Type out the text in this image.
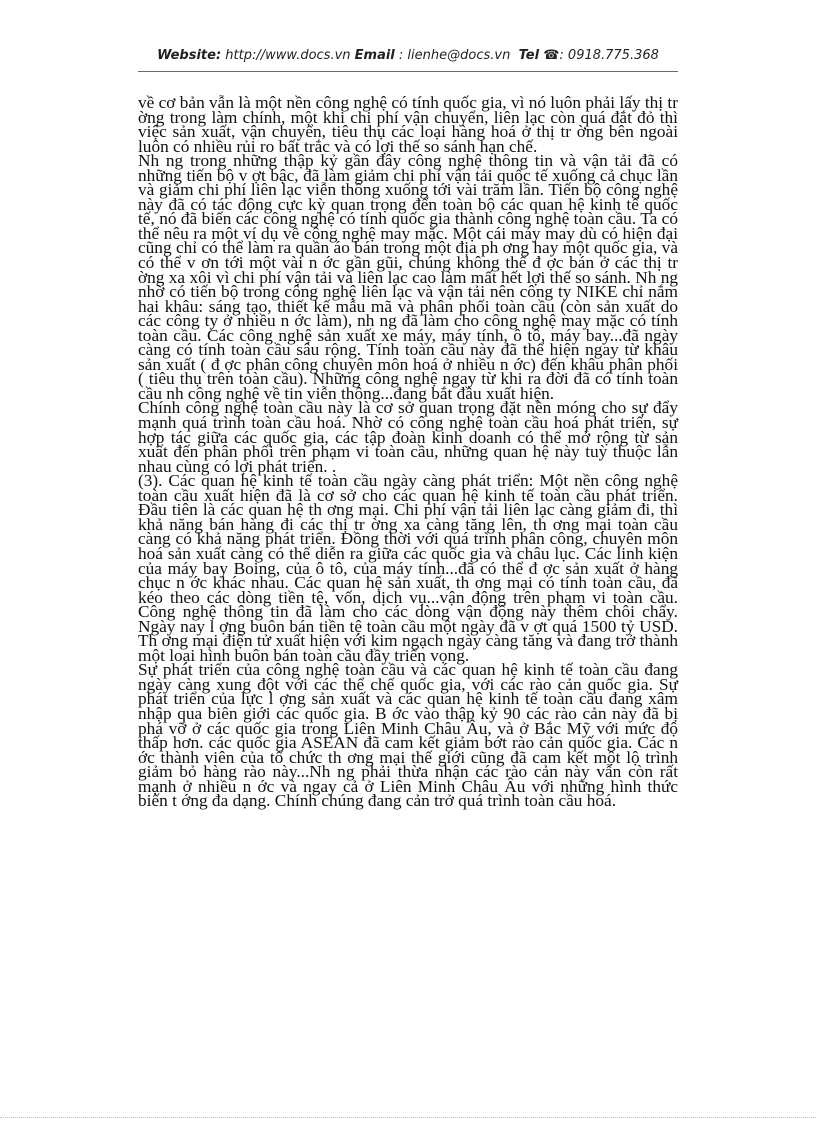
Website: http://www.docs.vn Email : lienhe@docs.vn Tel ☎: 0918.775.368

về cơ bản vẫn là một nền công nghệ có tính quốc gia, vì nó luôn phải lấy thị tr ờng trong làm chính, một khi chi phí vận chuyển, liên lạc còn quá đắt đỏ thì việc sản xuất, vận chuyển, tiêu thụ các loại hàng hoá ở thị tr ờng bên ngoài luôn có nhiều rủi ro bất trắc và có lợi thế so sánh hạn chế.

Nh ng trong những thập kỷ gần đây công nghệ thông tin và vận tải đã có những tiến bộ v ợt bậc, đã làm giảm chi phí vận tải quốc tế xuống cả chục lần và giảm chi phí liên lạc viễn thông xuống tới vài trăm lần. Tiến bộ công nghệ này đã có tác động cực kỳ quan trọng đến toàn bộ các quan hệ kinh tế quốc tế, nó đã biến các công nghệ có tính quốc gia thành công nghệ toàn cầu. Ta có thể nêu ra một ví dụ về công nghệ may mặc. Một cái máy may dù có hiện đại cũng chỉ có thể làm ra quần áo bán trong một địa ph ơng hay một quốc gia, và có thể v ơn tới một vài n ớc gần gũi, chúng không thể đ ợc bán ở các thị tr ờng xa xôi vì chi phí vận tải và liên lạc cao làm mất hết lợi thế so sánh. Nh ng nhờ có tiến bộ trong công nghệ liên lạc và vận tải nên công ty NIKE chỉ nắm hai khâu: sáng tạo, thiết kế mẫu mã và phân phối toàn cầu (còn sản xuất do các công ty ở nhiều n ớc làm), nh ng đã làm cho công nghệ may mặc có tính toàn cầu. Các công nghệ sản xuất xe máy, máy tính, ô tô, máy bay...đã ngày càng có tính toàn cầu sâu rộng. Tính toàn cầu này đã thể hiện ngay từ khâu sản xuất ( đ ợc phân công chuyên môn hoá ở nhiều n ớc) đến khâu phân phối ( tiêu thụ trên toàn cầu). Những công nghệ ngay từ khi ra đời đã có tính toàn cầu nh công nghệ về tin viễn thông...đang bắt đầu xuất hiện.

Chính công nghệ toàn cầu này là cơ sở quan trọng đặt nền móng cho sự đẩy mạnh quá trình toàn cầu hoá. Nhờ có công nghệ toàn cầu hoá phát triển, sự hợp tác giữa các quốc gia, các tập đoàn kinh doanh có thể mở rộng từ sản xuất đến phân phối trên phạm vi toàn cầu, những quan hệ này tuỳ thuộc lẫn nhau cùng có lợi phát triển. .

(3). Các quan hệ kinh tế toàn cầu ngày càng phát triển: Một nền công nghệ toàn cầu xuất hiện đã là cơ sở cho các quan hệ kinh tế toàn cầu phát triển. Đầu tiên là các quan hệ th ơng mại. Chi phí vận tải liên lạc càng giảm đi, thì khả năng bán hàng đi các thị tr ờng xa càng tăng lên, th ơng mại toàn cầu càng có khả năng phát triển. Đồng thời với quá trình phân công, chuyên môn hoá sản xuất càng có thể diễn ra giữa các quốc gia và châu lục. Các linh kiện của máy bay Boing, của ô tô, của máy tính...đã có thể đ ợc sản xuất ở hàng chục n ớc khác nhau. Các quan hệ sản xuất, th ơng mại có tính toàn cầu, đã kéo theo các dòng tiền tệ, vốn, dịch vụ...vận động trên phạm vi toàn cầu. Công nghệ thông tin đã làm cho các dòng vận động này thêm chôi chẩy. Ngày nay l ợng buôn bán tiền tệ toàn cầu một ngày đã v ợt quá 1500 tỷ USD. Th ơng mại điện tử xuất hiện với kim ngạch ngày càng tăng và đang trở thành một loại hình buôn bán toàn cầu đầy triển vọng.

Sự phát triển của công nghệ toàn cầu và các quan hệ kinh tế toàn cầu đang ngày càng xung đột với các thể chế quốc gia, với các rào cản quốc gia. Sự phát triển của lực l ợng sản xuất và các quan hệ kinh tế toàn cầu đang xâm nhập qua biên giới các quốc gia. B ớc vào thập kỷ 90 các rào cản này đã bị phá vỡ ở các quốc gia trong Liên Minh Châu Âu, và ở Bắc Mỹ với mức độ thấp hơn. các quốc gia ASEAN đã cam kết giảm bớt rào cản quốc gia. Các n ớc thành viên của tổ chức th ơng mại thế giới cũng đã cam kết một lộ trình giảm bỏ hàng rào này...Nh ng phải thừa nhận các rào cản này vẫn còn rất mạnh ở nhiều n ớc và ngay cả ở Liên Minh Châu Âu với những hình thức biến t ớng đa dạng. Chính chúng đang cản trở quá trình toàn cầu hoá.
